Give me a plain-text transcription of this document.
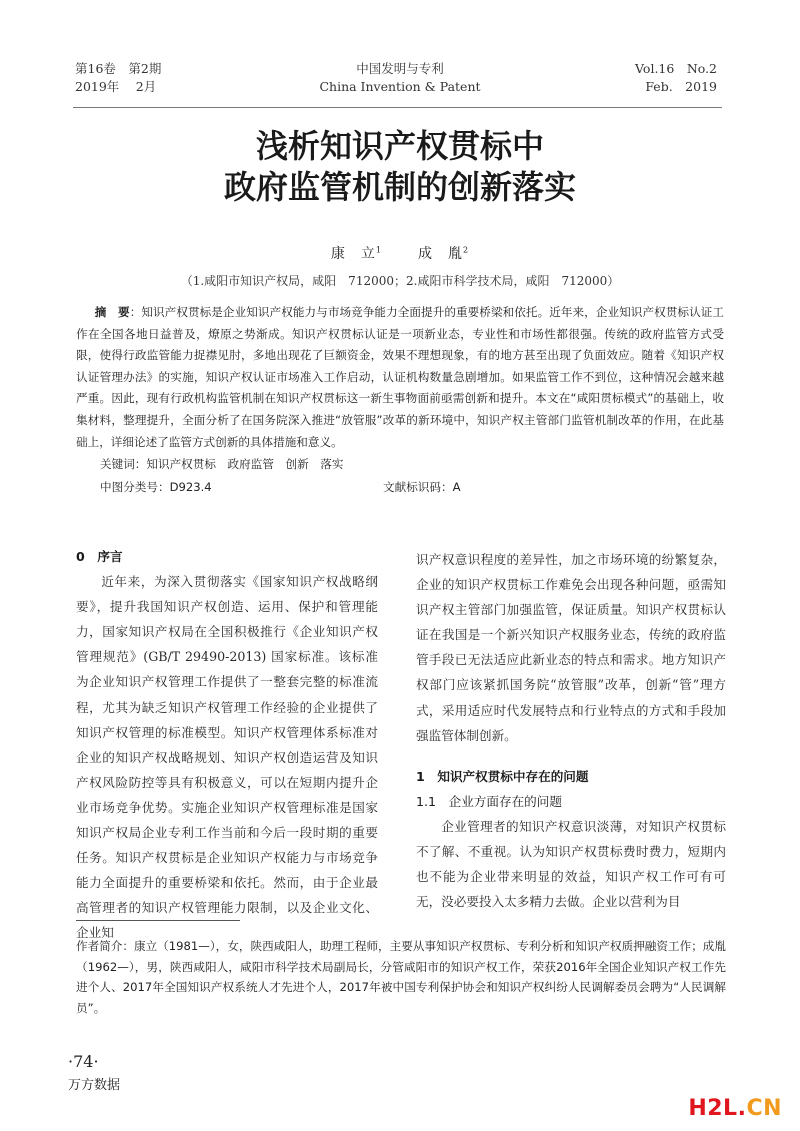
第16卷　第2期
2019年　 2月
中国发明与专利
China Invention & Patent
Vol.16　No.2
Feb.　2019
浅析知识产权贯标中
政府监管机制的创新落实
康　立$^1$	成　胤$^2$
（1.咸阳市知识产权局，咸阳　712000；2.咸阳市科学技术局，咸阳　712000）
摘　要：知识产权贯标是企业知识产权能力与市场竞争能力全面提升的重要桥梁和依托。近年来，企业知识产权贯标认证工作在全国各地日益普及，燎原之势渐成。知识产权贯标认证是一项新业态，专业性和市场性都很强。传统的政府监管方式受限，使得行政监管能力捉襟见肘，多地出现花了巨额资金，效果不理想现象，有的地方甚至出现了负面效应。随着《知识产权认证管理办法》的实施，知识产权认证市场准入工作启动，认证机构数量急剧增加。如果监管工作不到位，这种情况会越来越严重。因此，现有行政机构监管机制在知识产权贯标这一新生事物面前亟需创新和提升。本文在“咸阳贯标模式”的基础上，收集材料，整理提升，全面分析了在国务院深入推进“放管服”改革的新环境中，知识产权主管部门监管机制改革的作用，在此基础上，详细论述了监管方式创新的具体措施和意义。
关键词：知识产权贯标　政府监管　创新　落实
中图分类号：D923.4	文献标识码：A

0　序言

近年来，为深入贯彻落实《国家知识产权战略纲要》，提升我国知识产权创造、运用、保护和管理能力，国家知识产权局在全国积极推行《企业知识产权管理规范》(GB/T 29490-2013) 国家标准。该标准为企业知识产权管理工作提供了一整套完整的标准流程，尤其为缺乏知识产权管理工作经验的企业提供了知识产权管理的标准模型。知识产权管理体系标准对企业的知识产权战略规划、知识产权创造运营及知识产权风险防控等具有积极意义，可以在短期内提升企业市场竞争优势。实施企业知识产权管理标准是国家知识产权局企业专利工作当前和今后一段时期的重要任务。知识产权贯标是企业知识产权能力与市场竞争能力全面提升的重要桥梁和依托。然而，由于企业最高管理者的知识产权管理能力限制，以及企业文化、企业知

识产权意识程度的差异性，加之市场环境的纷繁复杂，企业的知识产权贯标工作难免会出现各种问题，亟需知识产权主管部门加强监管，保证质量。知识产权贯标认证在我国是一个新兴知识产权服务业态，传统的政府监管手段已无法适应此新业态的特点和需求。地方知识产权部门应该紧抓国务院“放管服”改革，创新“管”理方式，采用适应时代发展特点和行业特点的方式和手段加强监管体制创新。

1　知识产权贯标中存在的问题

1.1　企业方面存在的问题

企业管理者的知识产权意识淡薄，对知识产权贯标不了解、不重视。认为知识产权贯标费时费力，短期内也不能为企业带来明显的效益，知识产权工作可有可无，没必要投入太多精力去做。企业以营利为目

作者简介：康立（1981—），女，陕西咸阳人，助理工程师，主要从事知识产权贯标、专利分析和知识产权质押融资工作；成胤（1962—），男，陕西咸阳人，咸阳市科学技术局副局长，分管咸阳市的知识产权工作，荣获2016年全国企业知识产权工作先进个人、2017年全国知识产权系统人才先进个人，2017年被中国专利保护协会和知识产权纠纷人民调解委员会聘为“人民调解员”。
·74·
万方数据
H2L.CN
